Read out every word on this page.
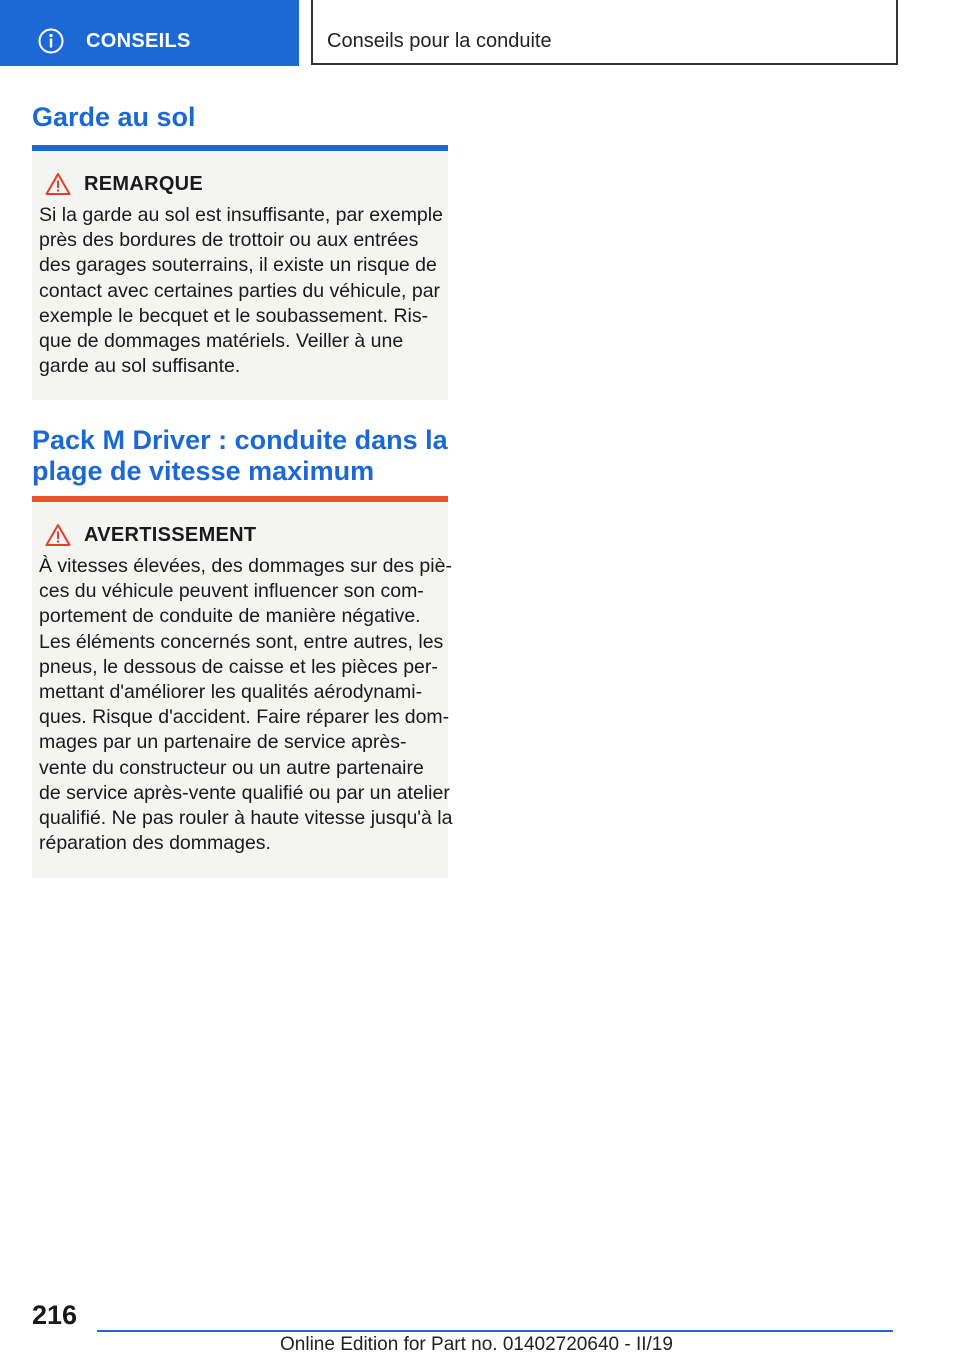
CONSEILS	Conseils pour la conduite
Garde au sol
REMARQUE
Si la garde au sol est insuffisante, par exemple
près des bordures de trottoir ou aux entrées
des garages souterrains, il existe un risque de
contact avec certaines parties du véhicule, par
exemple le becquet et le soubassement. Ris-
que de dommages matériels. Veiller à une
garde au sol suffisante.
Pack M Driver : conduite dans la
plage de vitesse maximum
AVERTISSEMENT
À vitesses élevées, des dommages sur des piè-
ces du véhicule peuvent influencer son com-
portement de conduite de manière négative.
Les éléments concernés sont, entre autres, les
pneus, le dessous de caisse et les pièces per-
mettant d'améliorer les qualités aérodynami-
ques. Risque d'accident. Faire réparer les dom-
mages par un partenaire de service après-
vente du constructeur ou un autre partenaire
de service après-vente qualifié ou par un atelier
qualifié. Ne pas rouler à haute vitesse jusqu'à la
réparation des dommages.
216
Online Edition for Part no. 01402720640 - II/19
